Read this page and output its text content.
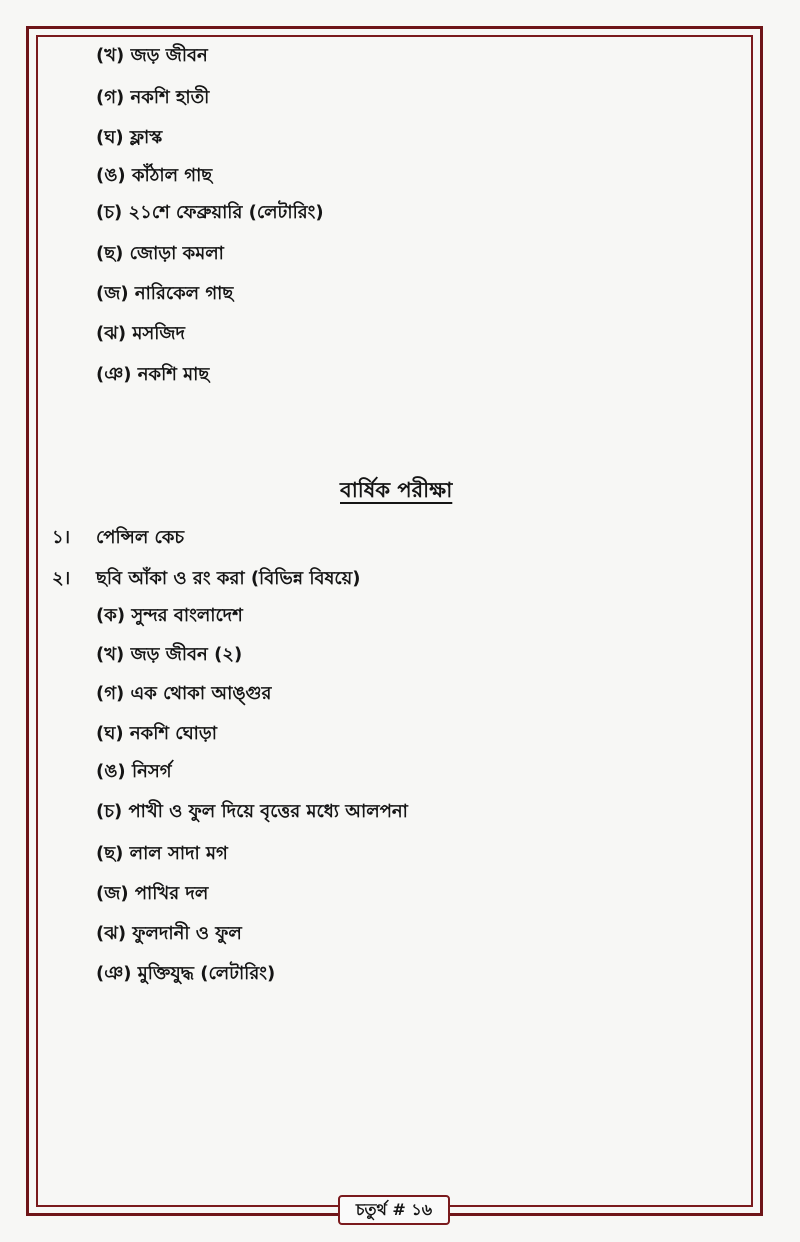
(খ) জড় জীবন
(গ) নকশি হাতী
(ঘ) ফ্লাস্ক
(ঙ) কাঁঠাল গাছ
(চ) ২১শে ফেব্রুয়ারি (লেটারিং)
(ছ) জোড়া কমলা
(জ) নারিকেল গাছ
(ঝ) মসজিদ
(ঞ) নকশি মাছ
বার্ষিক পরীক্ষা
১। পেন্সিল কেচ
২। ছবি আঁকা ও রং করা (বিভিন্ন বিষয়ে)
(ক) সুন্দর বাংলাদেশ
(খ) জড় জীবন (২)
(গ) এক থোকা আঙ্গুর
(ঘ) নকশি ঘোড়া
(ঙ) নিসর্গ
(চ) পাখী ও ফুল দিয়ে বৃত্তের মধ্যে আলপনা
(ছ) লাল সাদা মগ
(জ) পাখির দল
(ঝ) ফুলদানী ও ফুল
(ঞ) মুক্তিযুদ্ধ (লেটারিং)
চতুর্থ # ১৬
